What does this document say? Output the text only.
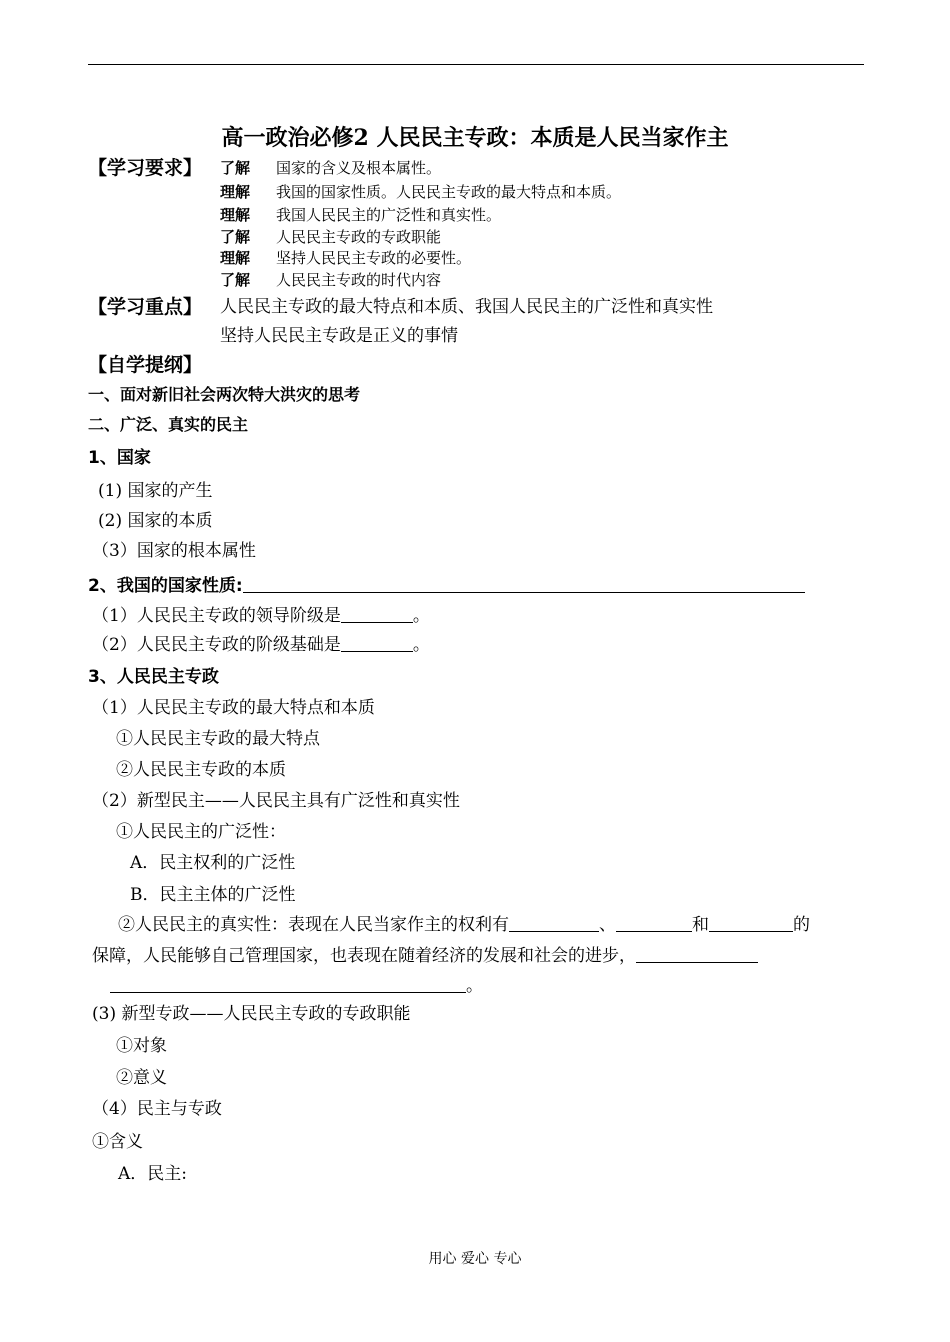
高一政治必修2 人民民主专政：本质是人民当家作主
【学习要求】 了解 国家的含义及根本属性。
理解 我国的国家性质。人民民主专政的最大特点和本质。
理解 我国人民民主的广泛性和真实性。
了解 人民民主专政的专政职能
理解 坚持人民民主专政的必要性。
了解 人民民主专政的时代内容
【学习重点】 人民民主专政的最大特点和本质、我国人民民主的广泛性和真实性
坚持人民民主专政是正义的事情
【自学提纲】
一、面对新旧社会两次特大洪灾的思考
二、广泛、真实的民主
1、国家
(1) 国家的产生
(2) 国家的本质
（3）国家的根本属性
2、我国的国家性质:
（1）人民民主专政的领导阶级是	。
（2）人民民主专政的阶级基础是	。
3、人民民主专政
（1）人民民主专政的最大特点和本质
①人民民主专政的最大特点
②人民民主专政的本质
（2）新型民主——人民民主具有广泛性和真实性
①人民民主的广泛性：
A．民主权利的广泛性
B．民主主体的广泛性
②人民民主的真实性：表现在人民当家作主的权利有	、	和	的
保障，人民能够自己管理国家，也表现在随着经济的发展和社会的进步，
。
(3) 新型专政——人民民主专政的专政职能
①对象
②意义
（4）民主与专政
①含义
A．民主:
用心 爱心 专心
